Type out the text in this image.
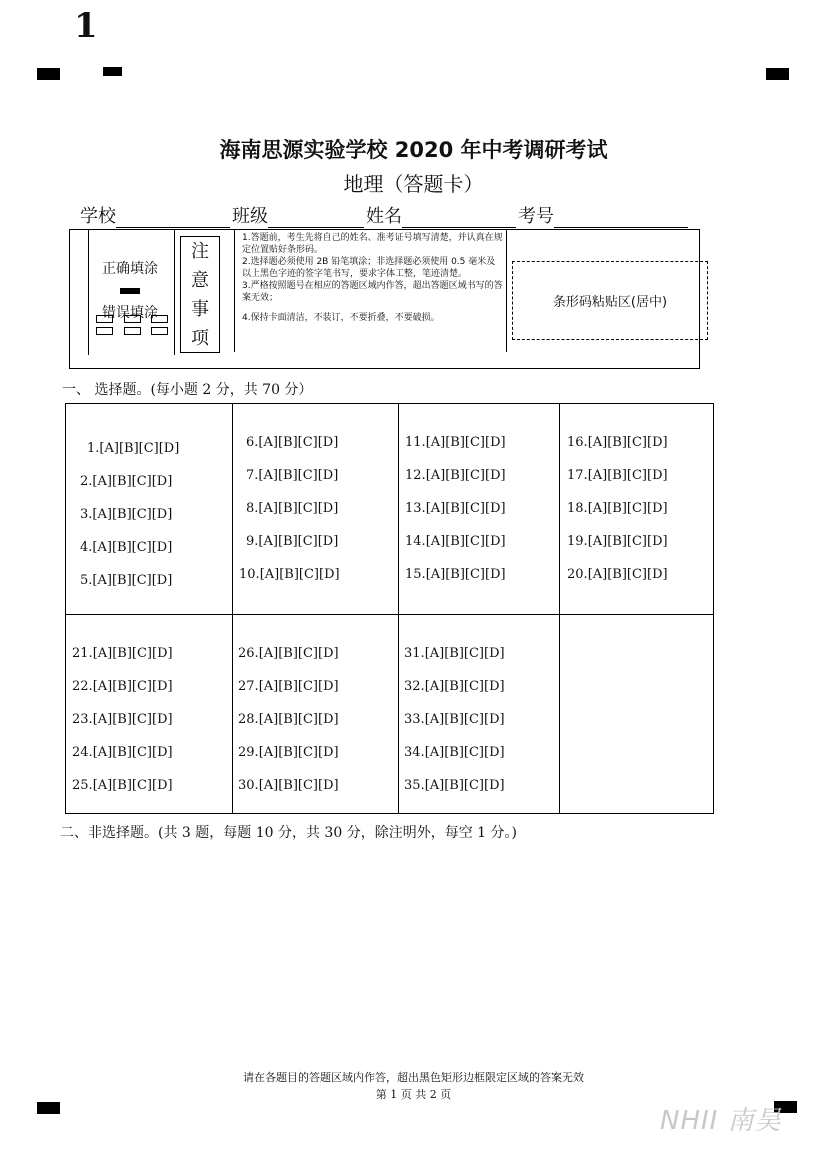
1
海南思源实验学校 2020 年中考调研考试
地理（答题卡）
学校	班级	姓名	考号
正确填涂
错误填涂
注
意
事
项

1.答题前，考生先将自己的姓名、准考证号填写清楚，并认真在规定位置贴好条形码。

2.选择题必须使用 2B 铅笔填涂；非选择题必须使用 0.5 毫米及以上黑色字迹的签字笔书写，要求字体工整，笔迹清楚。

3.严格按照题号在相应的答题区域内作答，超出答题区域书写的答案无效；

4.保持卡面清洁，不装订，不要折叠，不要破损。

条形码粘贴区(居中)
一、 选择题。(每小题 2 分，共 70 分）
1.[A][B][C][D]
2.[A][B][C][D]
3.[A][B][C][D]
4.[A][B][C][D]
5.[A][B][C][D]
6.[A][B][C][D]
7.[A][B][C][D]
8.[A][B][C][D]
9.[A][B][C][D]
10.[A][B][C][D]
11.[A][B][C][D]
12.[A][B][C][D]
13.[A][B][C][D]
14.[A][B][C][D]
15.[A][B][C][D]
16.[A][B][C][D]
17.[A][B][C][D]
18.[A][B][C][D]
19.[A][B][C][D]
20.[A][B][C][D]
21.[A][B][C][D]
22.[A][B][C][D]
23.[A][B][C][D]
24.[A][B][C][D]
25.[A][B][C][D]
26.[A][B][C][D]
27.[A][B][C][D]
28.[A][B][C][D]
29.[A][B][C][D]
30.[A][B][C][D]
31.[A][B][C][D]
32.[A][B][C][D]
33.[A][B][C][D]
34.[A][B][C][D]
35.[A][B][C][D]
二、非选择题。(共 3 题，每题 10 分，共 30 分，除注明外，每空 1 分。)
请在各题目的答题区域内作答，超出黑色矩形边框限定区域的答案无效
第 1 页 共 2 页
NHII 南昊
